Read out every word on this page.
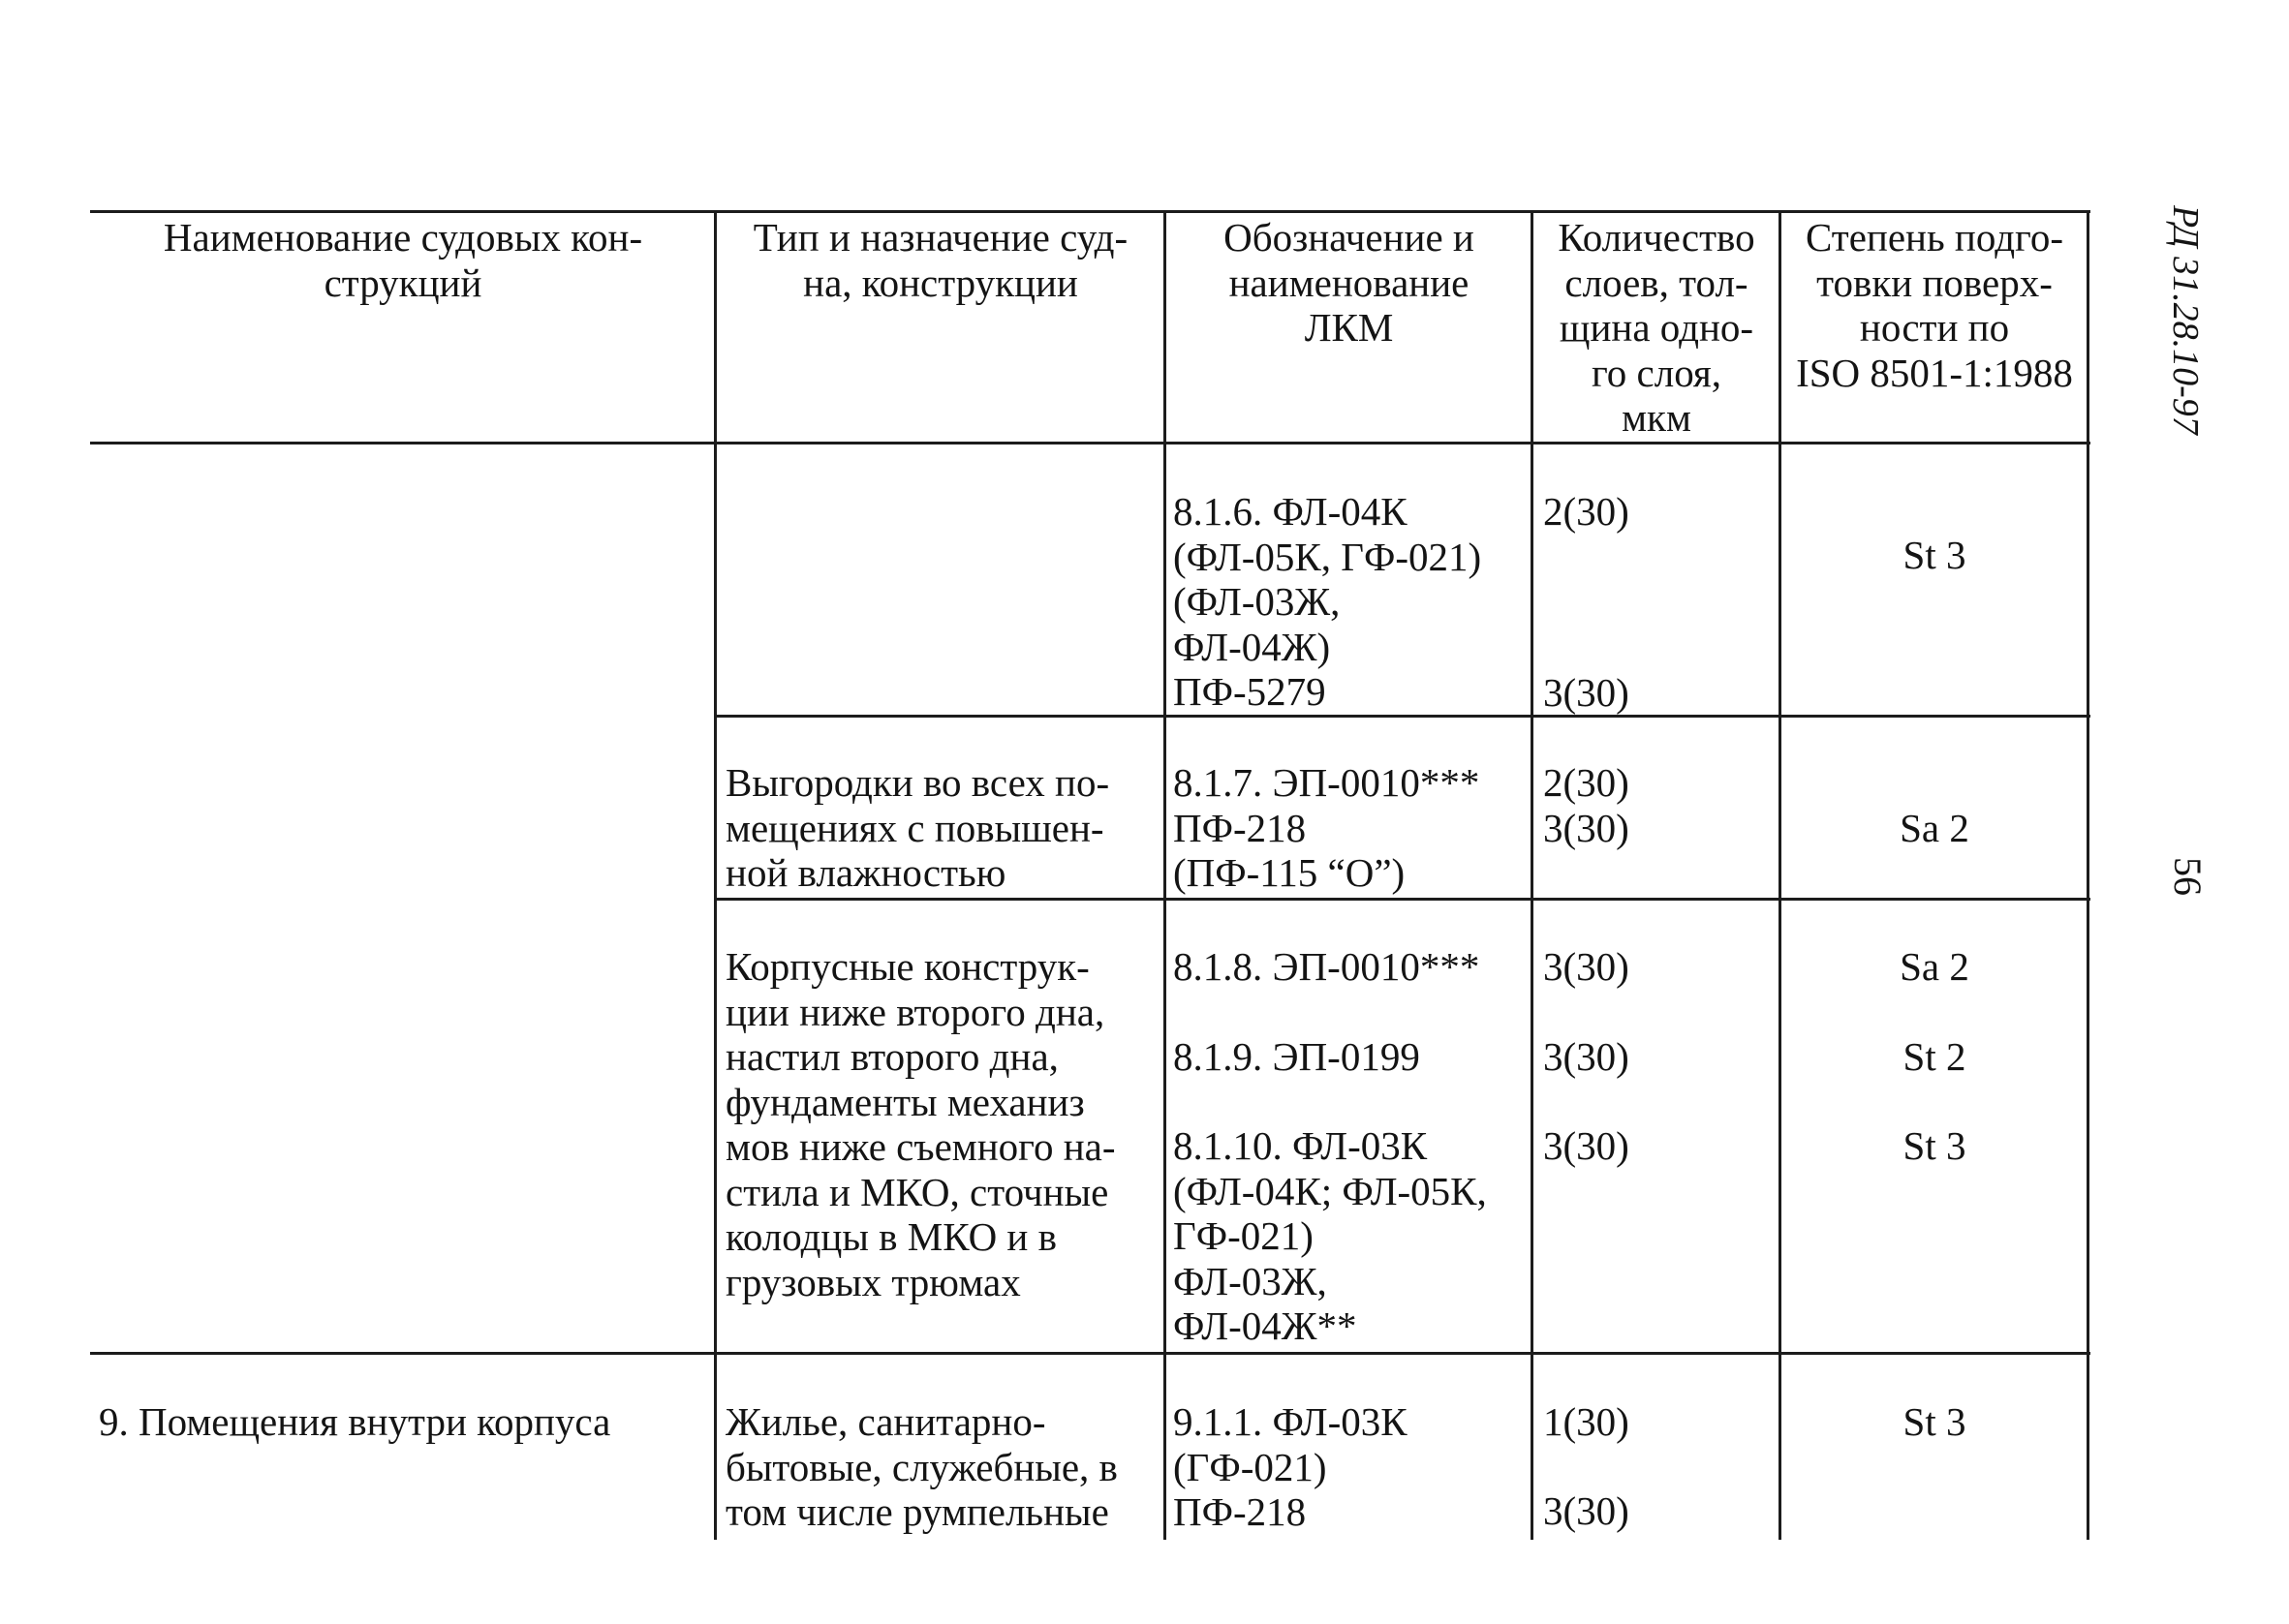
РД 31.28.10-97
56
Наименование судовых кон-
струкций
Тип и назначение суд-
на, конструкции
Обозначение и
наименование
ЛКМ
Количество
слоев, тол-
щина одно-
го слоя,
мкм
Степень подго-
товки поверх-
ности по
ISO 8501-1:1988
8.1.6. ФЛ-04К
(ФЛ-05К, ГФ-021)
(ФЛ-03Ж,
ФЛ-04Ж)
ПФ-5279
2(30)
3(30)
St 3
Выгородки во всех по-
мещениях с повышен-
ной влажностью
8.1.7. ЭП-0010***
ПФ-218
(ПФ-115 “О”)
2(30)
3(30)	Sa 2
Корпусные конструк-
ции ниже второго дна,
настил второго дна,
фундаменты механиз
мов ниже съемного на-
стила и МКО, сточные
колодцы в МКО и в
грузовых трюмах
8.1.8. ЭП-0010***
8.1.9. ЭП-0199
8.1.10. ФЛ-03К
(ФЛ-04К; ФЛ-05К,
ГФ-021)
ФЛ-03Ж,
ФЛ-04Ж**
3(30)
3(30)
3(30)
Sa 2
St 2
St 3
9. Помещения внутри корпуса	Жилье, санитарно-
бытовые, служебные, в
том числе румпельные
9.1.1. ФЛ-03К
(ГФ-021)
ПФ-218
1(30)
3(30)
St 3
